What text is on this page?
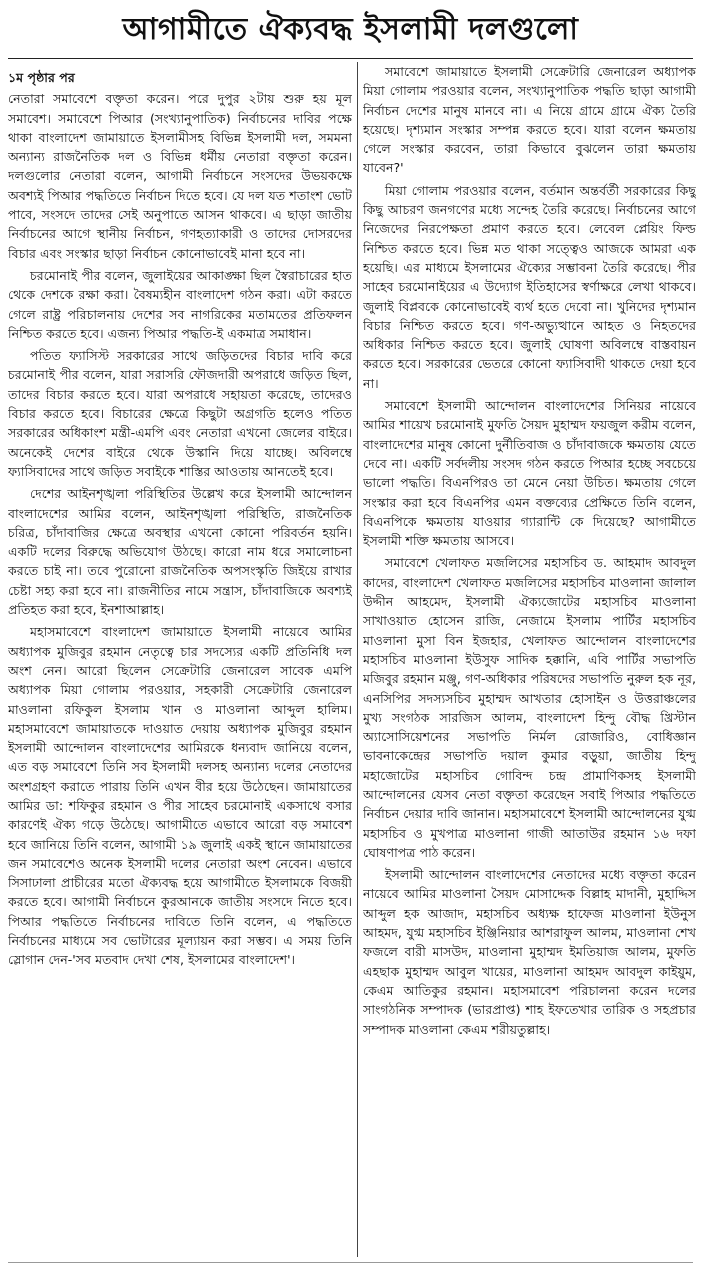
আগামীতে ঐক্যবদ্ধ ইসলামী দলগুলো
১ম পৃষ্ঠার পর

নেতারা সমাবেশে বক্তৃতা করেন। পরে দুপুর ২টায় শুরু হয় মূল সমাবেশ। সমাবেশে পিআর (সংখ্যানুপাতিক) নির্বাচনের দাবির পক্ষে থাকা বাংলাদেশ জামায়াতে ইসলামীসহ বিভিন্ন ইসলামী দল, সমমনা অন্যান্য রাজনৈতিক দল ও বিভিন্ন ধর্মীয় নেতারা বক্তৃতা করেন। দলগুলোর নেতারা বলেন, আগামী নির্বাচনে সংসদের উভয়কক্ষে অবশ্যই পিআর পদ্ধতিতে নির্বাচন দিতে হবে। যে দল যত শতাংশ ভোট পাবে, সংসদে তাদের সেই অনুপাতে আসন থাকবে। এ ছাড়া জাতীয় নির্বাচনের আগে স্থানীয় নির্বাচন, গণহত্যাকারী ও তাদের দোসরদের বিচার এবং সংস্কার ছাড়া নির্বাচন কোনোভাবেই মানা হবে না।

চরমোনাই পীর বলেন, জুলাইয়ের আকাঙ্ক্ষা ছিল স্বৈরাচারের হাত থেকে দেশকে রক্ষা করা। বৈষম্যহীন বাংলাদেশ গঠন করা। এটা করতে গেলে রাষ্ট্র পরিচালনায় দেশের সব নাগরিকের মতামতের প্রতিফলন নিশ্চিত করতে হবে। এজন্য পিআর পদ্ধতি-ই একমাত্র সমাধান।

পতিত ফ্যাসিস্ট সরকারের সাথে জড়িতদের বিচার দাবি করে চরমোনাই পীর বলেন, যারা সরাসরি ফৌজদারী অপরাধে জড়িত ছিল, তাদের বিচার করতে হবে। যারা অপরাধে সহায়তা করেছে, তাদেরও বিচার করতে হবে। বিচারের ক্ষেত্রে কিছুটা অগ্রগতি হলেও পতিত সরকারের অধিকাংশ মন্ত্রী-এমপি এবং নেতারা এখনো জেলের বাইরে। অনেকেই দেশের বাইরে থেকে উস্কানি দিয়ে যাচ্ছে। অবিলম্বে ফ্যাসিবাদের সাথে জড়িত সবাইকে শাস্তির আওতায় আনতেই হবে।

দেশের আইনশৃঙ্খলা পরিস্থিতির উল্লেখ করে ইসলামী আন্দোলন বাংলাদেশের আমির বলেন, আইনশৃঙ্খলা পরিস্থিতি, রাজনৈতিক চরিত্র, চাঁদাবাজির ক্ষেত্রে অবস্থার এখনো কোনো পরিবর্তন হয়নি। একটি দলের বিরুদ্ধে অভিযোগ উঠছে। কারো নাম ধরে সমালোচনা করতে চাই না। তবে পুরোনো রাজনৈতিক অপসংস্কৃতি জিইয়ে রাখার চেষ্টা সহ্য করা হবে না। রাজনীতির নামে সন্ত্রাস, চাঁদাবাজিকে অবশ্যই প্রতিহত করা হবে, ইনশাআল্লাহ।

মহাসমাবেশে বাংলাদেশ জামায়াতে ইসলামী নায়েবে আমির অধ্যাপক মুজিবুর রহমান নেতৃত্বে চার সদস্যের একটি প্রতিনিধি দল অংশ নেন। আরো ছিলেন সেক্রেটারি জেনারেল সাবেক এমপি অধ্যাপক মিয়া গোলাম পরওয়ার, সহকারী সেক্রেটারি জেনারেল মাওলানা রফিকুল ইসলাম খান ও মাওলানা আব্দুল হালিম। মহাসমাবেশে জামায়াতকে দাওয়াত দেয়ায় অধ্যাপক মুজিবুর রহমান ইসলামী আন্দোলন বাংলাদেশের আমিরকে ধন্যবাদ জানিয়ে বলেন, এত বড় সমাবেশে তিনি সব ইসলামী দলসহ অন্যান্য দলের নেতাদের অংশগ্রহণ করাতে পারায় তিনি এখন বীর হয়ে উঠেছেন। জামায়াতের আমির ডা: শফিকুর রহমান ও পীর সাহেব চরমোনাই একসাথে বসার কারণেই ঐক্য গড়ে উঠেছে। আগামীতে এভাবে আরো বড় সমাবেশ হবে জানিয়ে তিনি বলেন, আগামী ১৯ জুলাই একই স্থানে জামায়াতের জন সমাবেশেও অনেক ইসলামী দলের নেতারা অংশ নেবেন। এভাবে সিসাঢালা প্রাচীরের মতো ঐক্যবদ্ধ হয়ে আগামীতে ইসলামকে বিজয়ী করতে হবে। আগামী নির্বাচনে কুরআনকে জাতীয় সংসদে নিতে হবে। পিআর পদ্ধতিতে নির্বাচনের দাবিতে তিনি বলেন, এ পদ্ধতিতে নির্বাচনের মাধ্যমে সব ভোটারের মূল্যায়ন করা সম্ভব। এ সময় তিনি স্লোগান দেন-'সব মতবাদ দেখা শেষ, ইসলামের বাংলাদেশ'।

সমাবেশে জামায়াতে ইসলামী সেক্রেটারি জেনারেল অধ্যাপক মিয়া গোলাম পরওয়ার বলেন, সংখ্যানুপাতিক পদ্ধতি ছাড়া আগামী নির্বাচন দেশের মানুষ মানবে না। এ নিয়ে গ্রামে গ্রামে ঐক্য তৈরি হয়েছে। দৃশ্যমান সংস্কার সম্পন্ন করতে হবে। যারা বলেন ক্ষমতায় গেলে সংস্কার করবেন, তারা কিভাবে বুঝলেন তারা ক্ষমতায় যাবেন?'

মিয়া গোলাম পরওয়ার বলেন, বর্তমান অন্তর্বর্তী সরকারের কিছু কিছু আচরণ জনগণের মধ্যে সন্দেহ তৈরি করেছে। নির্বাচনের আগে নিজেদের নিরপেক্ষতা প্রমাণ করতে হবে। লেবেল প্লেয়িং ফিল্ড নিশ্চিত করতে হবে। ভিন্ন মত থাকা সত্ত্বেও আজকে আমরা এক হয়েছি। এর মাধ্যমে ইসলামের ঐক্যের সম্ভাবনা তৈরি করেছে। পীর সাহেব চরমোনাইয়ের এ উদ্যোগ ইতিহাসের স্বর্ণাক্ষরে লেখা থাকবে। জুলাই বিপ্লবকে কোনোভাবেই ব্যর্থ হতে দেবো না। খুনিদের দৃশ্যমান বিচার নিশ্চিত করতে হবে। গণ-অভ্যুত্থানে আহত ও নিহতদের অধিকার নিশ্চিত করতে হবে। জুলাই ঘোষণা অবিলম্বে বাস্তবায়ন করতে হবে। সরকারের ভেতরে কোনো ফ্যাসিবাদী থাকতে দেয়া হবে না।

সমাবেশে ইসলামী আন্দোলন বাংলাদেশের সিনিয়র নায়েবে আমির শায়েখ চরমোনাই মুফতি সৈয়দ মুহাম্মদ ফয়জুল করীম বলেন, বাংলাদেশের মানুষ কোনো দুর্নীতিবাজ ও চাঁদাবাজকে ক্ষমতায় যেতে দেবে না। একটি সর্বদলীয় সংসদ গঠন করতে পিআর হচ্ছে সবচেয়ে ভালো পদ্ধতি। বিএনপিরও তা মেনে নেয়া উচিত। ক্ষমতায় গেলে সংস্কার করা হবে বিএনপির এমন বক্তব্যের প্রেক্ষিতে তিনি বলেন, বিএনপিকে ক্ষমতায় যাওয়ার গ্যারান্টি কে দিয়েছে? আগামীতে ইসলামী শক্তি ক্ষমতায় আসবে।

সমাবেশে খেলাফত মজলিসের মহাসচিব ড. আহমাদ আবদুল কাদের, বাংলাদেশ খেলাফত মজলিসের মহাসচিব মাওলানা জালাল উদ্দীন আহমেদ, ইসলামী ঐক্যজোটের মহাসচিব মাওলানা সাখাওয়াত হোসেন রাজি, নেজামে ইসলাম পার্টির মহাসচিব মাওলানা মুসা বিন ইজহার, খেলাফত আন্দোলন বাংলাদেশের মহাসচিব মাওলানা ইউসুফ সাদিক হক্কানি, এবি পার্টির সভাপতি মজিবুর রহমান মঞ্জু, গণ-অধিকার পরিষদের সভাপতি নুরুল হক নূর, এনসিপির সদস্যসচিব মুহাম্মদ আখতার হোসাইন ও উত্তরাঞ্চলের মুখ্য সংগঠক সারজিস আলম, বাংলাদেশ হিন্দু বৌদ্ধ খ্রিস্টান অ্যাসোসিয়েশনের সভাপতি নির্মল রোজারিও, বোধিজ্ঞান ভাবনাকেন্দ্রের সভাপতি দয়াল কুমার বড়ুয়া, জাতীয় হিন্দু মহাজোটের মহাসচিব গোবিন্দ চন্দ্র প্রামাণিকসহ ইসলামী আন্দোলনের যেসব নেতা বক্তৃতা করেছেন সবাই পিআর পদ্ধতিতে নির্বাচন দেয়ার দাবি জানান। মহাসমাবেশে ইসলামী আন্দোলনের যুগ্ম মহাসচিব ও মুখপাত্র মাওলানা গাজী আতাউর রহমান ১৬ দফা ঘোষণাপত্র পাঠ করেন।

ইসলামী আন্দোলন বাংলাদেশের নেতাদের মধ্যে বক্তৃতা করেন নায়েবে আমির মাওলানা সৈয়দ মোসাদ্দেক বিল্লাহ মাদানী, মুহাদ্দিস আব্দুল হক আজাদ, মহাসচিব অধ্যক্ষ হাফেজ মাওলানা ইউনুস আহমদ, যুগ্ম মহাসচিব ইঞ্জিনিয়ার আশরাফুল আলম, মাওলানা শেখ ফজলে বারী মাসউদ, মাওলানা মুহাম্মদ ইমতিয়াজ আলম, মুফতি এহছাক মুহাম্মদ আবুল খায়ের, মাওলানা আহমদ আবদুল কাইয়ুম, কেএম আতিকুর রহমান। মহাসমাবেশ পরিচালনা করেন দলের সাংগঠনিক সম্পাদক (ভারপ্রাপ্ত) শাহ ইফতেখার তারিক ও সহপ্রচার সম্পাদক মাওলানা কেএম শরীয়তুল্লাহ।
